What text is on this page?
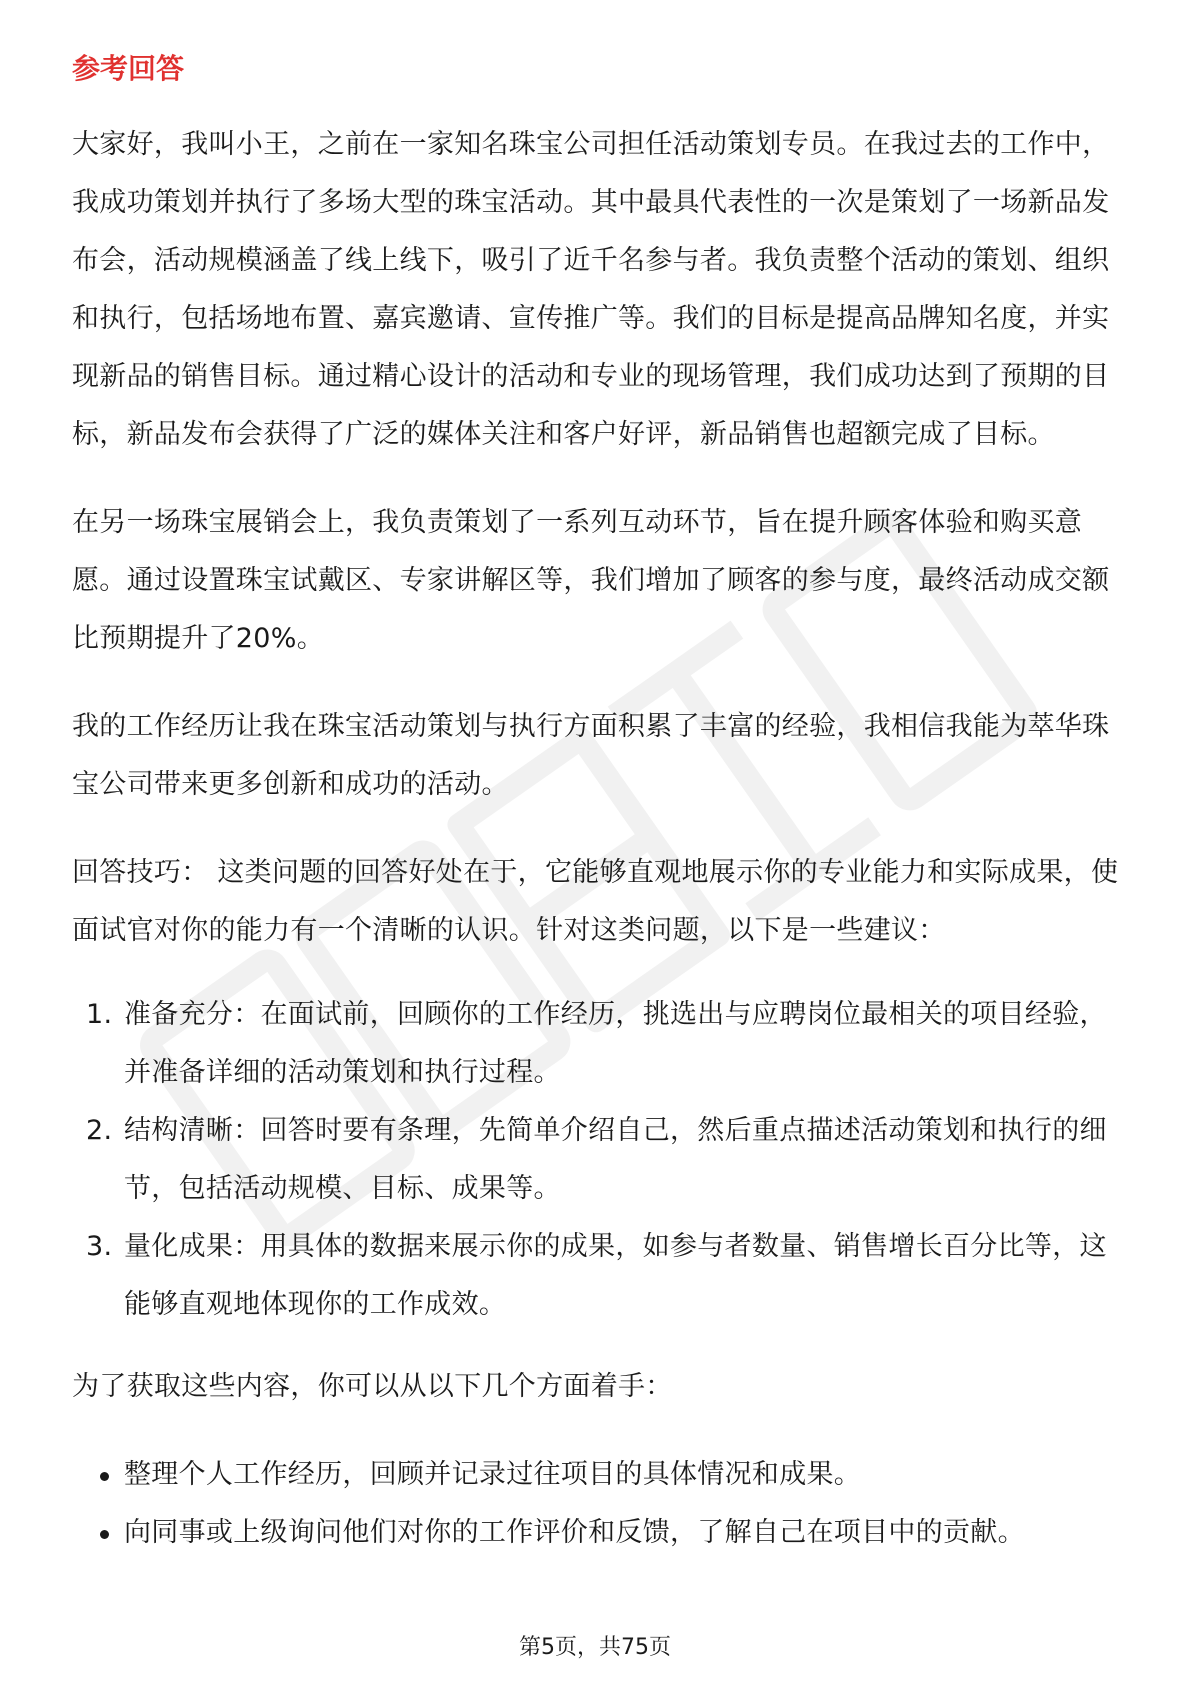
参考回答

大家好，我叫小王，之前在一家知名珠宝公司担任活动策划专员。在我过去的工作中，我成功策划并执行了多场大型的珠宝活动。其中最具代表性的一次是策划了一场新品发布会，活动规模涵盖了线上线下，吸引了近千名参与者。我负责整个活动的策划、组织和执行，包括场地布置、嘉宾邀请、宣传推广等。我们的目标是提高品牌知名度，并实现新品的销售目标。通过精心设计的活动和专业的现场管理，我们成功达到了预期的目标，新品发布会获得了广泛的媒体关注和客户好评，新品销售也超额完成了目标。

在另一场珠宝展销会上，我负责策划了一系列互动环节，旨在提升顾客体验和购买意愿。通过设置珠宝试戴区、专家讲解区等，我们增加了顾客的参与度，最终活动成交额比预期提升了20%。

我的工作经历让我在珠宝活动策划与执行方面积累了丰富的经验，我相信我能为萃华珠宝公司带来更多创新和成功的活动。

回答技巧： 这类问题的回答好处在于，它能够直观地展示你的专业能力和实际成果，使面试官对你的能力有一个清晰的认识。针对这类问题，以下是一些建议：

1. 准备充分：在面试前，回顾你的工作经历，挑选出与应聘岗位最相关的项目经验，并准备详细的活动策划和执行过程。
2. 结构清晰：回答时要有条理，先简单介绍自己，然后重点描述活动策划和执行的细节，包括活动规模、目标、成果等。
3. 量化成果：用具体的数据来展示你的成果，如参与者数量、销售增长百分比等，这能够直观地体现你的工作成效。

为了获取这些内容，你可以从以下几个方面着手：

整理个人工作经历，回顾并记录过往项目的具体情况和成果。
向同事或上级询问他们对你的工作评价和反馈，了解自己在项目中的贡献。
第5页，共75页
